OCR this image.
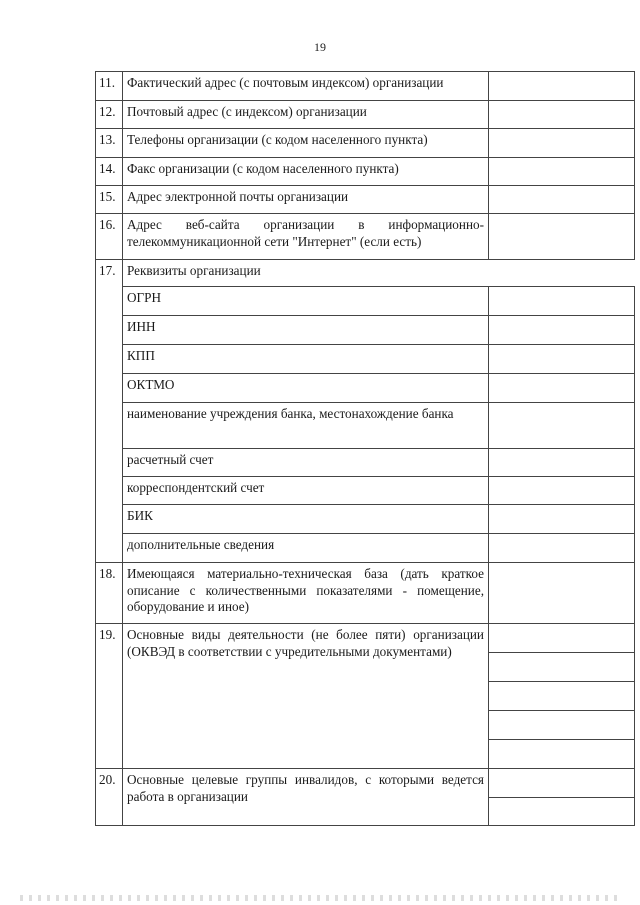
19
11.	Фактический адрес (с почтовым индексом) организации	
12.	Почтовый адрес (с индексом) организации	
13.	Телефоны организации (с кодом населенного пункта)	
14.	Факс организации (с кодом населенного пункта)	
15.	Адрес электронной почты организации	
16.	Адрес веб-сайта организации в информационно-телекоммуникационной сети "Интернет" (если есть)	
17.	Реквизиты организации	
	ОГРН	
	ИНН	
	КПП	
	ОКТМО	
	наименование учреждения банка, местонахождение банка	
	расчетный счет	
	корреспондентский счет	
	БИК	
	дополнительные сведения	
18.	Имеющаяся материально-техническая база (дать краткое описание с количественными показателями - помещение, оборудование и иное)	
19.	Основные виды деятельности (не более пяти) организации (ОКВЭД в соответствии с учредительными документами)	

20.	Основные целевые группы инвалидов, с которыми ведется работа в организации	
